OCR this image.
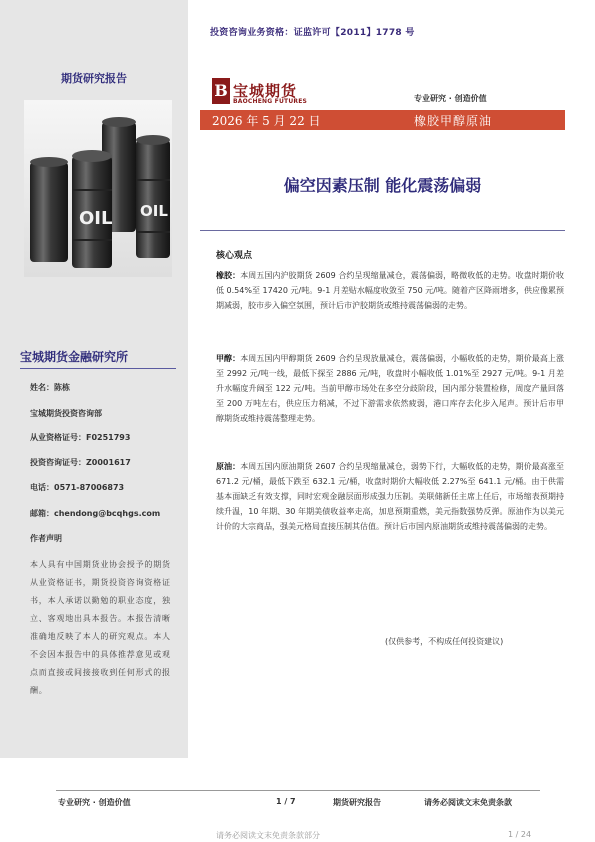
投资咨询业务资格：证监许可【2011】1778 号
期货研究报告
OIL OIL
宝城期货金融研究所
姓名：陈栋
宝城期货投资咨询部
从业资格证号：F0251793
投资咨询证号：Z0001617
电话：0571-87006873
邮箱：chendong@bcqhgs.com
作者声明
本人具有中国期货业协会授予的期货从业资格证书，期货投资咨询资格证书，本人承诺以勤勉的职业态度，独立、客观地出具本报告。本报告清晰准确地反映了本人的研究观点。本人不会因本报告中的具体推荐意见或观点而直接或间接接收到任何形式的报酬。
B 宝城期货
BAOCHENG FUTURES	专业研究 · 创造价值
2026 年 5 月 22 日	橡胶甲醇原油
偏空因素压制 能化震荡偏弱
核心观点

橡胶：本周五国内沪胶期货 2609 合约呈现缩量减仓，震荡偏弱，略微收低的走势。收盘时期价收低 0.54%至 17420 元/吨。9-1 月差贴水幅度收敛至 750 元/吨。随着产区降雨增多，供应像累预期减弱，胶市步入偏空氛围，预计后市沪胶期货或维持震荡偏弱的走势。

甲醇：本周五国内甲醇期货 2609 合约呈现放量减仓，震荡偏弱，小幅收低的走势，期价最高上涨至 2992 元/吨一线，最低下探至 2886 元/吨，收盘时小幅收低 1.01%至 2927 元/吨。9-1 月差升水幅度升阔至 122 元/吨。当前甲醇市场处在多空分歧阶段，国内部分装置检修，周度产量回落至 200 万吨左右，供应压力稍减，不过下游需求依然疲弱，港口库存去化步入尾声。预计后市甲醇期货或维持震荡整理走势。

原油：本周五国内原油期货 2607 合约呈现缩量减仓，弱势下行，大幅收低的走势，期价最高涨至 671.2 元/桶，最低下跌至 632.1 元/桶，收盘时期价大幅收低 2.27%至 641.1 元/桶。由于供需基本面缺乏有效支撑，同时宏观金融层面形成强力压制。美联储新任主席上任后，市场缩表预期持续升温，10 年期、30 年期美债收益率走高，加息预期重燃，美元指数强势反弹。原油作为以美元计价的大宗商品，强美元格局直接压制其估值。预计后市国内原油期货或维持震荡偏弱的走势。

(仅供参考，不构成任何投资建议)
专业研究 · 创造价值	1 / 7	期货研究报告	请务必阅读文末免责条款
请务必阅读文末免责条款部分	1 / 24
